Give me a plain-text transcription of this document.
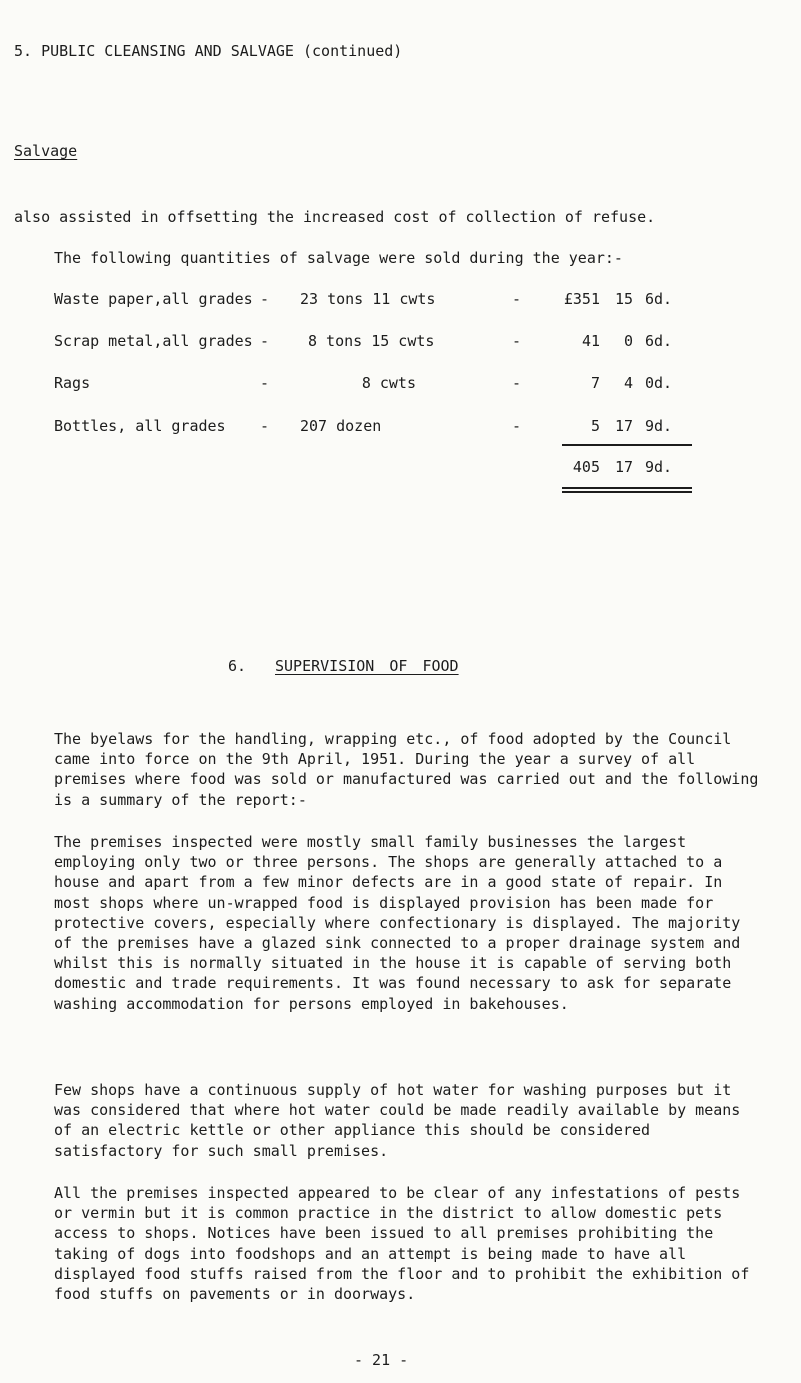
5. PUBLIC CLEANSING AND SALVAGE (continued)
Salvage
also assisted in offsetting the increased cost of collection of refuse.
The following quantities of salvage were sold during the year:-
Waste paper,all grades - 23 tons 11 cwts	-	£351 15 6d.
Scrap metal,all grades -	8 tons 15 cwts	-	41	0 6d.
Rags	-	8 cwts	-	7	4 0d.
Bottles, all grades - 207 dozen	-	5 17 9d.
405 17 9d.
6. SUPERVISION OF FOOD

The byelaws for the handling, wrapping etc., of food adopted by the Council came into force on the 9th April, 1951. During the year a survey of all premises where food was sold or manufactured was carried out and the following is a summary of the report:-

The premises inspected were mostly small family businesses the largest employing only two or three persons. The shops are generally attached to a house and apart from a few minor defects are in a good state of repair. In most shops where un-wrapped food is displayed provision has been made for protective covers, especially where confectionary is displayed. The majority of the premises have a glazed sink connected to a proper drainage system and whilst this is normally situated in the house it is capable of serving both domestic and trade requirements. It was found necessary to ask for separate washing accommodation for persons employed in bakehouses.

Few shops have a continuous supply of hot water for washing purposes but it was considered that where hot water could be made readily available by means of an electric kettle or other appliance this should be considered satisfactory for such small premises.

All the premises inspected appeared to be clear of any infestations of pests or vermin but it is common practice in the district to allow domestic pets access to shops. Notices have been issued to all premises prohibiting the taking of dogs into foodshops and an attempt is being made to have all displayed food stuffs raised from the floor and to prohibit the exhibition of food stuffs on pavements or in doorways.

- 21 -
